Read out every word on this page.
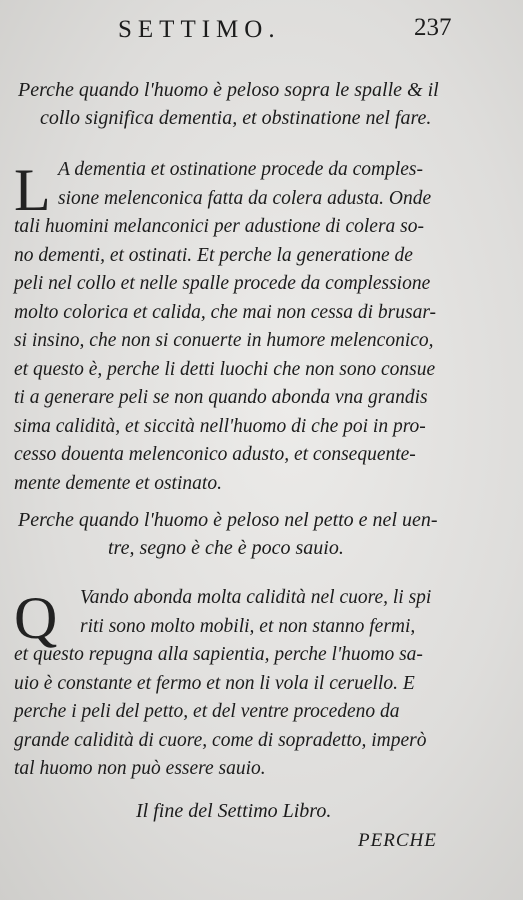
SETTIMO.	237
Perche quando l'huomo è peloso sopra le spalle & il
collo significa dementia, et obstinatione nel fare.
L A dementia et ostinatione procede da comples-
sione melenconica fatta da colera adusta. Onde
tali huomini melanconici per adustione di colera so-
no dementi, et ostinati. Et perche la generatione de
peli nel collo et nelle spalle procede da complessione
molto colorica et calida, che mai non cessa di brusar-
si insino, che non si conuerte in humore melenconico,
et questo è, perche li detti luochi che non sono consue
ti a generare peli se non quando abonda vna grandis
sima calidità, et siccità nell'huomo di che poi in pro-
cesso douenta melenconico adusto, et consequente-
mente demente et ostinato.
Perche quando l'huomo è peloso nel petto e nel uen-
tre, segno è che è poco sauio.
Q Vando abonda molta calidità nel cuore, li spi
riti sono molto mobili, et non stanno fermi,
et questo repugna alla sapientia, perche l'huomo sa-
uio è constante et fermo et non li vola il ceruello. E
perche i peli del petto, et del ventre procedeno da
grande calidità di cuore, come di sopradetto, imperò
tal huomo non può essere sauio.
Il fine del Settimo Libro.
PERCHE
